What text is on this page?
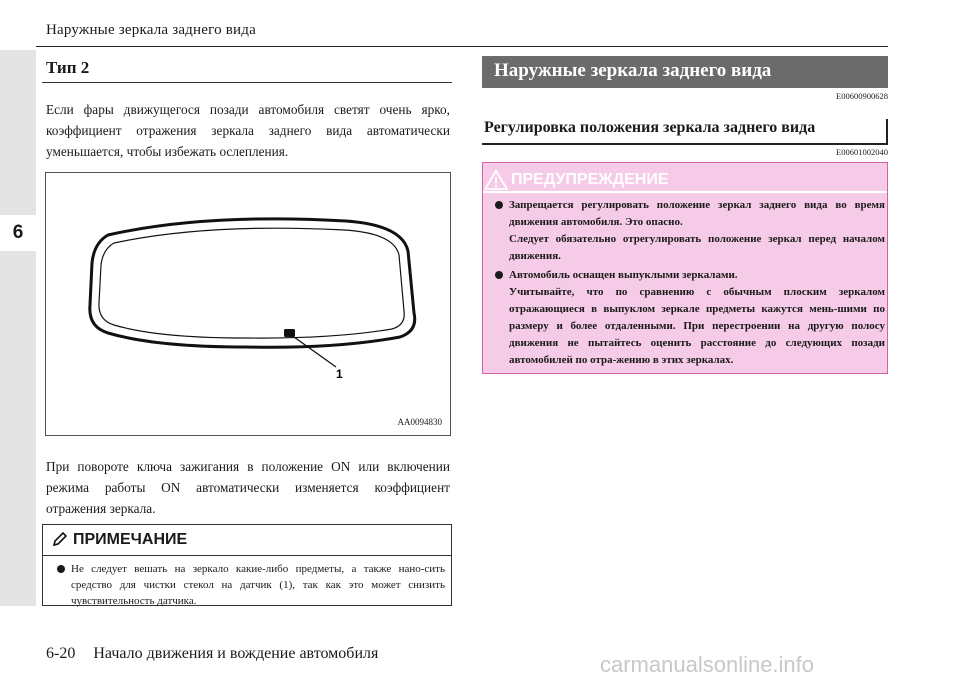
6
Наружные зеркала заднего вида
Тип 2

Если фары движущегося позади автомобиля светят очень ярко, коэффициент отражения зеркала заднего вида автоматически уменьшается, чтобы избежать ослепления.

1
AA0094830

При повороте ключа зажигания в положение ON или включении режима работы ON автоматически изменяется коэффициент отражения зеркала.

ПРИМЕЧАНИЕ
Не следует вешать на зеркало какие-либо предметы, а также нано-сить средство для чистки стекол на датчик (1), так как это может снизить чувствительность датчика.
Наружные зеркала заднего вида
E00600900628
Регулировка положения зеркала заднего вида
E00601002040
ПРЕДУПРЕЖДЕНИЕ
Запрещается регулировать положение зеркал заднего вида во время движения автомобиля. Это опасно.
Следует обязательно отрегулировать положение зеркал перед началом движения.
Автомобиль оснащен выпуклыми зеркалами.
Учитывайте, что по сравнению с обычным плоским зеркалом отражающиеся в выпуклом зеркале предметы кажутся мень-шими по размеру и более отдаленными. При перестроении на другую полосу движения не пытайтесь оценить расстояние до следующих позади автомобилей по отра-жению в этих зеркалах.
6-20 Начало движения и вождение автомобиля	carmanualsonline.info
